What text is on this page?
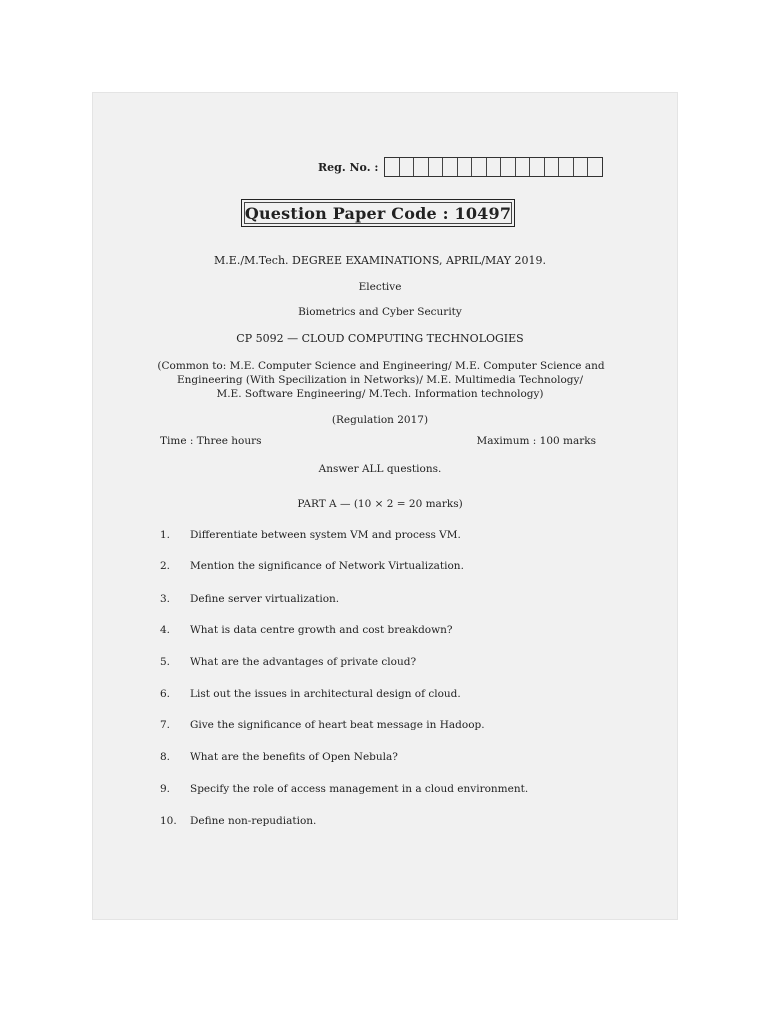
Reg. No. :
Question Paper Code : 10497
M.E./M.Tech. DEGREE EXAMINATIONS, APRIL/MAY 2019.
Elective
Biometrics and Cyber Security
CP 5092 — CLOUD COMPUTING TECHNOLOGIES
(Common to: M.E. Computer Science and Engineering/ M.E. Computer Science and
Engineering (With Specilization in Networks)/ M.E. Multimedia Technology/
M.E. Software Engineering/ M.Tech. Information technology)
(Regulation 2017)
Time : Three hours	Maximum : 100 marks
Answer ALL questions.
PART A — (10 × 2 = 20 marks)
1.	Differentiate between system VM and process VM.
2.	Mention the significance of Network Virtualization.
3.	Define server virtualization.
4.	What is data centre growth and cost breakdown?
5.	What are the advantages of private cloud?
6.	List out the issues in architectural design of cloud.
7.	Give the significance of heart beat message in Hadoop.
8.	What are the benefits of Open Nebula?
9.	Specify the role of access management in a cloud environment.
10.	Define non-repudiation.
